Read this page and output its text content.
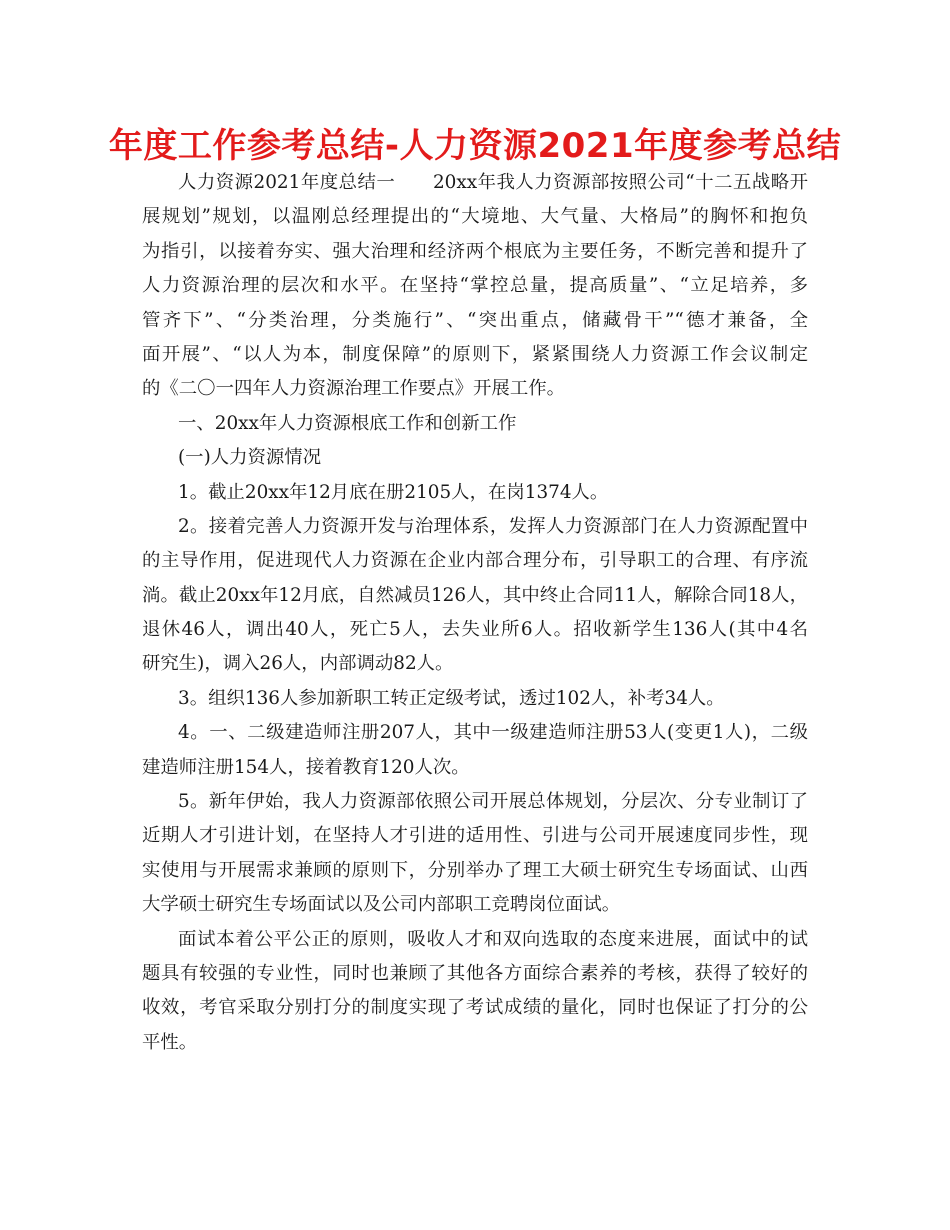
年度工作参考总结-人力资源2021年度参考总结
人力资源2021年度总结一　　20xx年我人力资源部按照公司“十二五战略开
展规划”规划，以温刚总经理提出的“大境地、大气量、大格局”的胸怀和抱负
为指引，以接着夯实、强大治理和经济两个根底为主要任务，不断完善和提升了
人力资源治理的层次和水平。在坚持“掌控总量，提高质量”、“立足培养，多
管齐下”、“分类治理，分类施行”、“突出重点，储藏骨干”“德才兼备，全
面开展”、“以人为本，制度保障”的原则下，紧紧围绕人力资源工作会议制定
的《二〇一四年人力资源治理工作要点》开展工作。
一、20xx年人力资源根底工作和创新工作
(一)人力资源情况
1。截止20xx年12月底在册2105人，在岗1374人。
2。接着完善人力资源开发与治理体系，发挥人力资源部门在人力资源配置中
的主导作用，促进现代人力资源在企业内部合理分布，引导职工的合理、有序流
淌。截止20xx年12月底，自然减员126人，其中终止合同11人，解除合同18人，
退休46人，调出40人，死亡5人，去失业所6人。招收新学生136人(其中4名
研究生)，调入26人，内部调动82人。
3。组织136人参加新职工转正定级考试，透过102人，补考34人。
4。一、二级建造师注册207人，其中一级建造师注册53人(变更1人)，二级
建造师注册154人，接着教育120人次。
5。新年伊始，我人力资源部依照公司开展总体规划，分层次、分专业制订了
近期人才引进计划，在坚持人才引进的适用性、引进与公司开展速度同步性，现
实使用与开展需求兼顾的原则下，分别举办了理工大硕士研究生专场面试、山西
大学硕士研究生专场面试以及公司内部职工竞聘岗位面试。
面试本着公平公正的原则，吸收人才和双向选取的态度来进展，面试中的试
题具有较强的专业性，同时也兼顾了其他各方面综合素养的考核，获得了较好的
收效，考官采取分别打分的制度实现了考试成绩的量化，同时也保证了打分的公
平性。
